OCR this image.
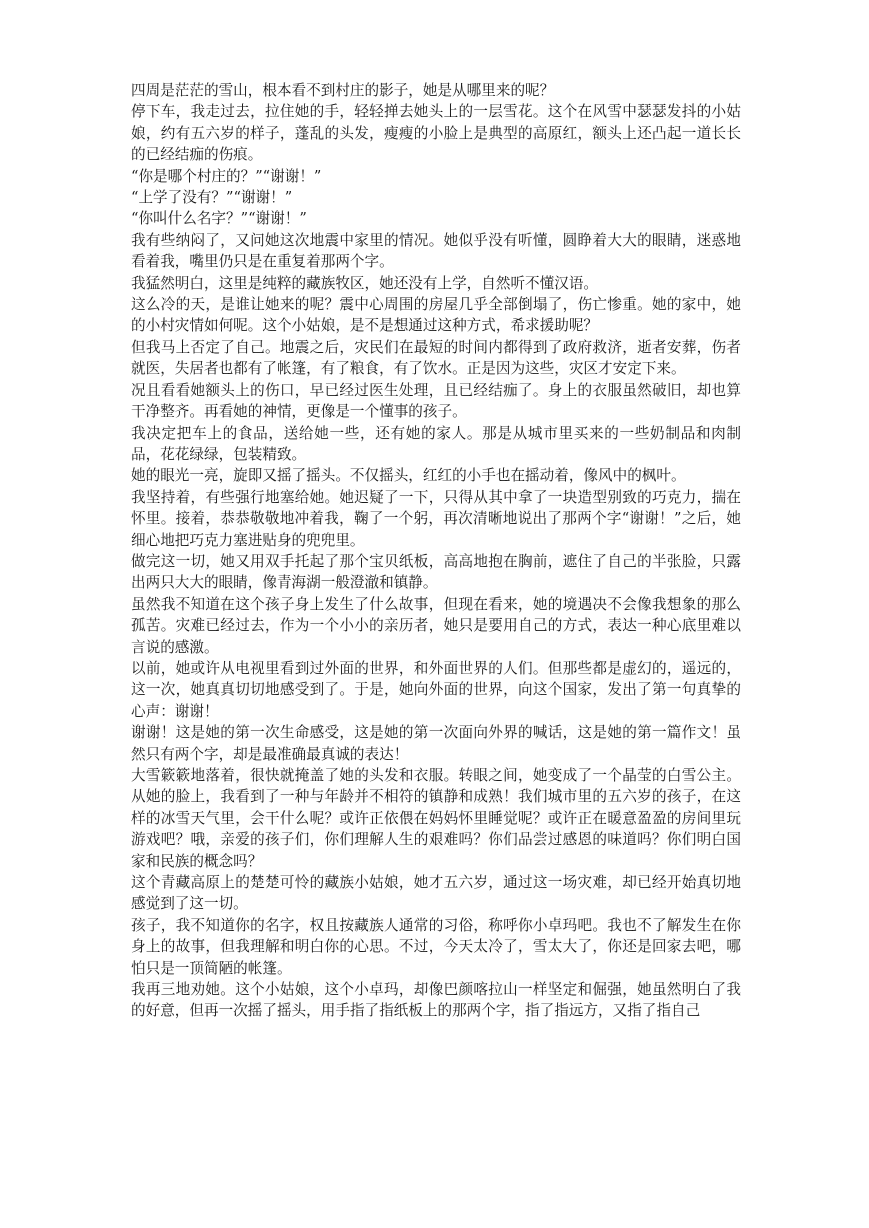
四周是茫茫的雪山，根本看不到村庄的影子，她是从哪里来的呢？

停下车，我走过去，拉住她的手，轻轻掸去她头上的一层雪花。这个在风雪中瑟瑟发抖的小姑娘，约有五六岁的样子，蓬乱的头发，瘦瘦的小脸上是典型的高原红，额头上还凸起一道长长的已经结痂的伤痕。

“你是哪个村庄的？”“谢谢！”

“上学了没有？”“谢谢！”

“你叫什么名字？”“谢谢！”

我有些纳闷了，又问她这次地震中家里的情况。她似乎没有听懂，圆睁着大大的眼睛，迷惑地看着我，嘴里仍只是在重复着那两个字。

我猛然明白，这里是纯粹的藏族牧区，她还没有上学，自然听不懂汉语。

这么冷的天，是谁让她来的呢？震中心周围的房屋几乎全部倒塌了，伤亡惨重。她的家中，她的小村灾情如何呢。这个小姑娘，是不是想通过这种方式，希求援助呢？

但我马上否定了自己。地震之后，灾民们在最短的时间内都得到了政府救济，逝者安葬，伤者就医，失居者也都有了帐篷，有了粮食，有了饮水。正是因为这些，灾区才安定下来。

况且看看她额头上的伤口，早已经过医生处理，且已经结痂了。身上的衣服虽然破旧，却也算干净整齐。再看她的神情，更像是一个懂事的孩子。

我决定把车上的食品，送给她一些，还有她的家人。那是从城市里买来的一些奶制品和肉制品，花花绿绿，包装精致。

她的眼光一亮，旋即又摇了摇头。不仅摇头，红红的小手也在摇动着，像风中的枫叶。

我坚持着，有些强行地塞给她。她迟疑了一下，只得从其中拿了一块造型别致的巧克力，揣在怀里。接着，恭恭敬敬地冲着我，鞠了一个躬，再次清晰地说出了那两个字“谢谢！”之后，她细心地把巧克力塞进贴身的兜兜里。

做完这一切，她又用双手托起了那个宝贝纸板，高高地抱在胸前，遮住了自己的半张脸，只露出两只大大的眼睛，像青海湖一般澄澈和镇静。

虽然我不知道在这个孩子身上发生了什么故事，但现在看来，她的境遇决不会像我想象的那么孤苦。灾难已经过去，作为一个小小的亲历者，她只是要用自己的方式，表达一种心底里难以言说的感激。

以前，她或许从电视里看到过外面的世界，和外面世界的人们。但那些都是虚幻的，遥远的，这一次，她真真切切地感受到了。于是，她向外面的世界，向这个国家，发出了第一句真挚的心声：谢谢！

谢谢！这是她的第一次生命感受，这是她的第一次面向外界的喊话，这是她的第一篇作文！虽然只有两个字，却是最准确最真诚的表达！

大雪簌簌地落着，很快就掩盖了她的头发和衣服。转眼之间，她变成了一个晶莹的白雪公主。从她的脸上，我看到了一种与年龄并不相符的镇静和成熟！我们城市里的五六岁的孩子，在这样的冰雪天气里，会干什么呢？或许正依偎在妈妈怀里睡觉呢？或许正在暖意盈盈的房间里玩游戏吧？哦，亲爱的孩子们，你们理解人生的艰难吗？你们品尝过感恩的味道吗？你们明白国家和民族的概念吗？

这个青藏高原上的楚楚可怜的藏族小姑娘，她才五六岁，通过这一场灾难，却已经开始真切地感觉到了这一切。

孩子，我不知道你的名字，权且按藏族人通常的习俗，称呼你小卓玛吧。我也不了解发生在你身上的故事，但我理解和明白你的心思。不过，今天太冷了，雪太大了，你还是回家去吧，哪怕只是一顶简陋的帐篷。

我再三地劝她。这个小姑娘，这个小卓玛，却像巴颜喀拉山一样坚定和倔强，她虽然明白了我的好意，但再一次摇了摇头，用手指了指纸板上的那两个字，指了指远方，又指了指自己
